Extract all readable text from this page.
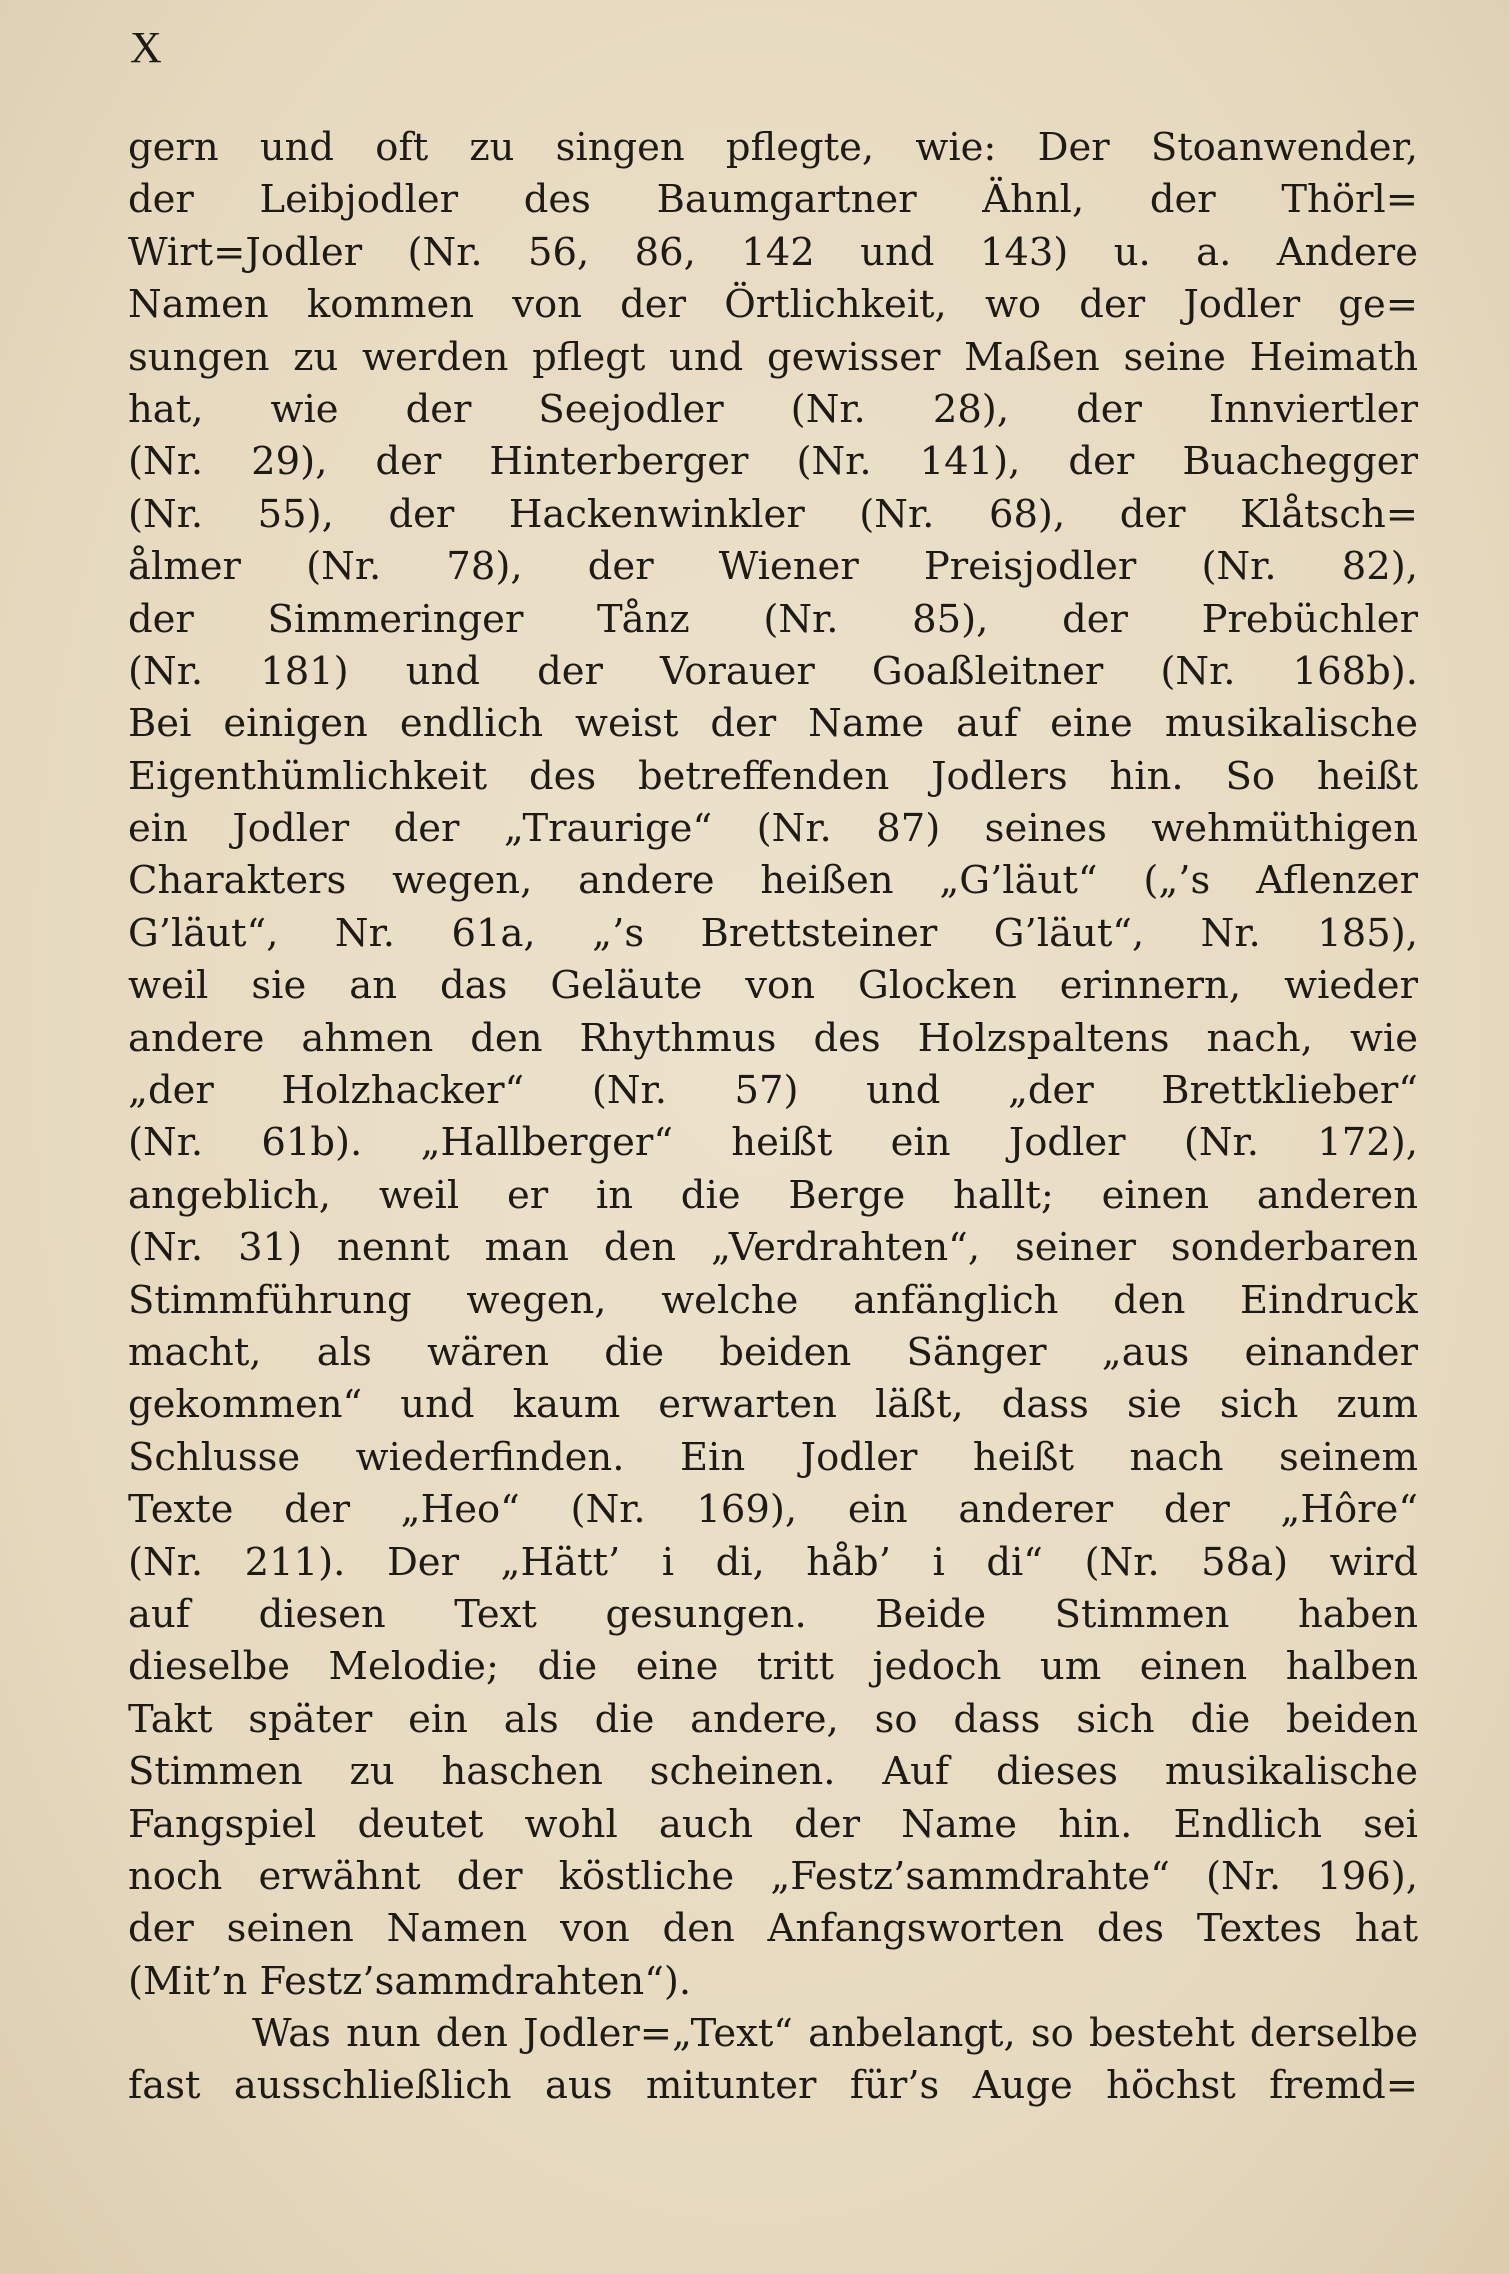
X
gern und oft zu singen pflegte, wie: Der Stoanwender,
der Leibjodler des Baumgartner Ähnl, der Thörl=
Wirt=Jodler (Nr. 56, 86, 142 und 143) u. a. Andere
Namen kommen von der Örtlichkeit, wo der Jodler ge=
sungen zu werden pflegt und gewisser Maßen seine Heimath
hat, wie der Seejodler (Nr. 28), der Innviertler
(Nr. 29), der Hinterberger (Nr. 141), der Buachegger
(Nr. 55), der Hackenwinkler (Nr. 68), der Klåtsch=
ålmer (Nr. 78), der Wiener Preisjodler (Nr. 82),
der Simmeringer Tånz (Nr. 85), der Prebüchler
(Nr. 181) und der Vorauer Goaßleitner (Nr. 168b).
Bei einigen endlich weist der Name auf eine musikalische
Eigenthümlichkeit des betreffenden Jodlers hin. So heißt
ein Jodler der „Traurige“ (Nr. 87) seines wehmüthigen
Charakters wegen, andere heißen „G’läut“ („’s Aflenzer
G’läut“, Nr. 61a, „’s Brettsteiner G’läut“, Nr. 185),
weil sie an das Geläute von Glocken erinnern, wieder
andere ahmen den Rhythmus des Holzspaltens nach, wie
„der Holzhacker“ (Nr. 57) und „der Brettklieber“
(Nr. 61b). „Hallberger“ heißt ein Jodler (Nr. 172),
angeblich, weil er in die Berge hallt; einen anderen
(Nr. 31) nennt man den „Verdrahten“, seiner sonderbaren
Stimmführung wegen, welche anfänglich den Eindruck
macht, als wären die beiden Sänger „aus einander
gekommen“ und kaum erwarten läßt, dass sie sich zum
Schlusse wiederfinden. Ein Jodler heißt nach seinem
Texte der „Heo“ (Nr. 169), ein anderer der „Hôre“
(Nr. 211). Der „Hätt’ i di, håb’ i di“ (Nr. 58a) wird
auf diesen Text gesungen. Beide Stimmen haben
dieselbe Melodie; die eine tritt jedoch um einen halben
Takt später ein als die andere, so dass sich die beiden
Stimmen zu haschen scheinen. Auf dieses musikalische
Fangspiel deutet wohl auch der Name hin. Endlich sei
noch erwähnt der köstliche „Festz’sammdrahte“ (Nr. 196),
der seinen Namen von den Anfangsworten des Textes hat
(Mit’n Festz’sammdrahten“).
Was nun den Jodler=„Text“ anbelangt, so besteht derselbe
fast ausschließlich aus mitunter für’s Auge höchst fremd=
